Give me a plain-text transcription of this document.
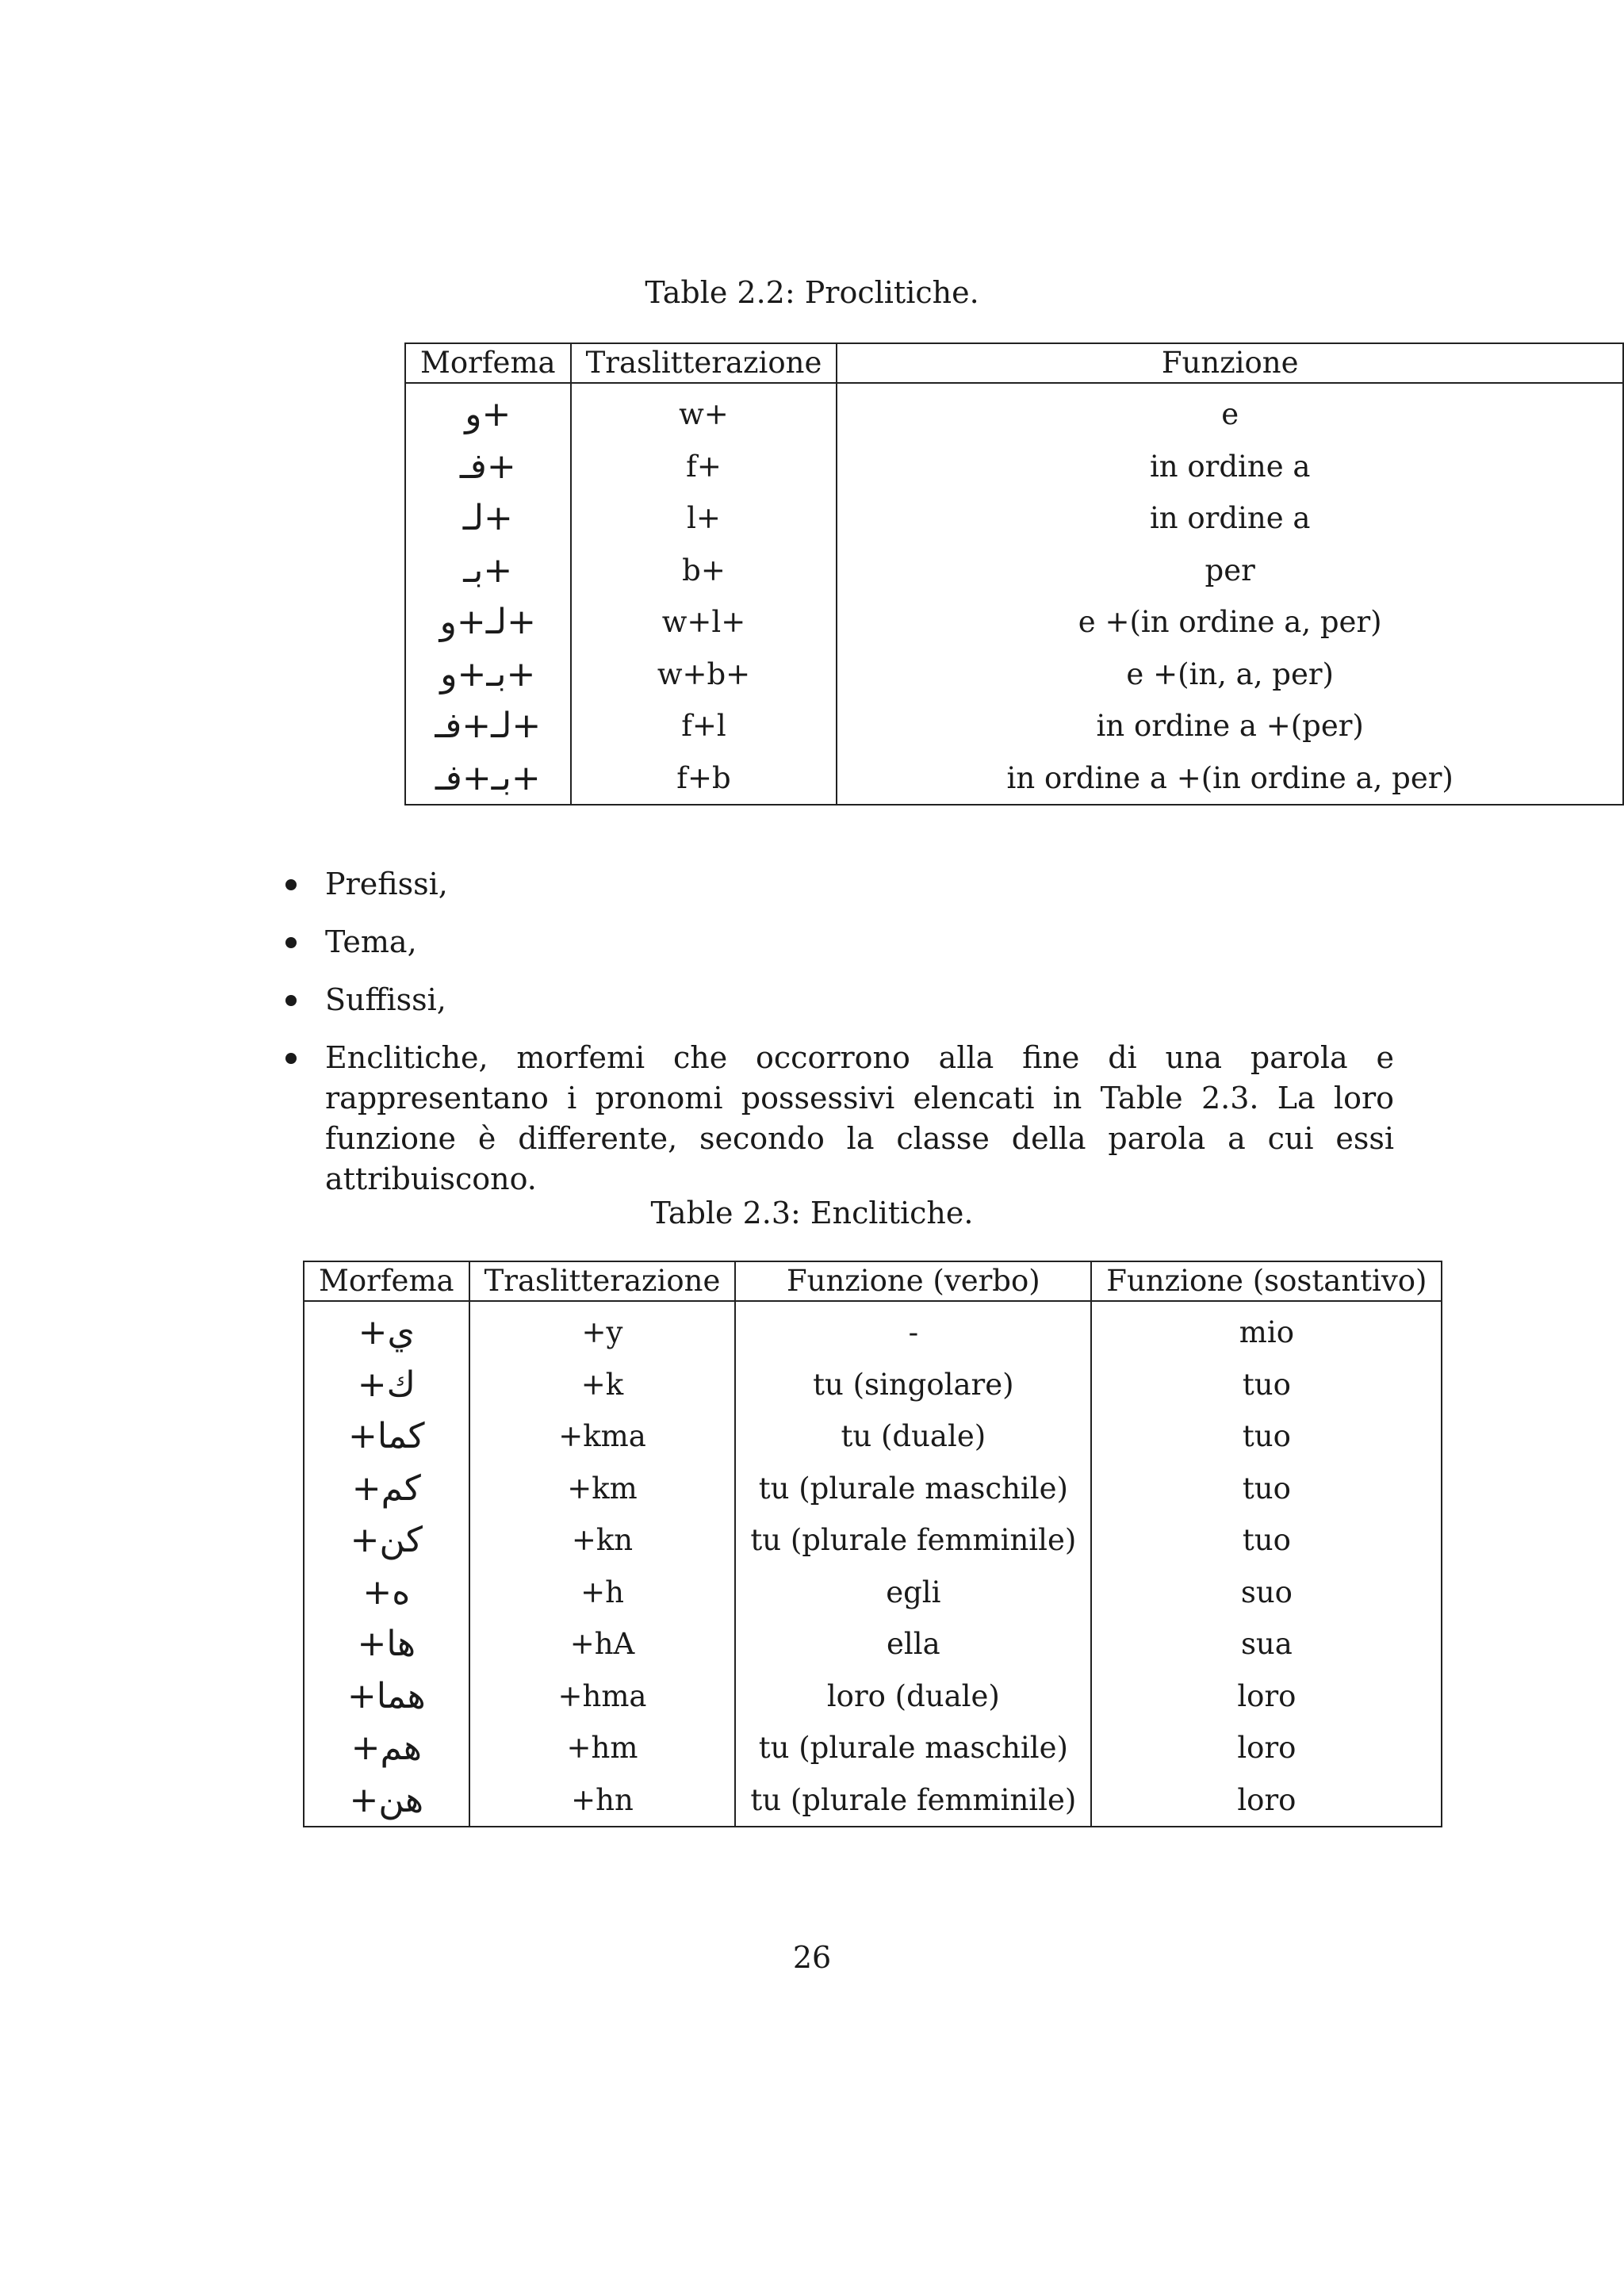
Table 2.2: Proclitiche.
Morfema	Traslitterazione	Funzione

+و	w+	e
+فـ	f+	in ordine a
+لـ	l+	in ordine a
+بـ	b+	per
+لـ+و	w+l+	e +(in ordine a, per)
+بـ+و	w+b+	e +(in, a, per)
+لـ+فـ	f+l	in ordine a +(per)
+بـ+فـ	f+b	in ordine a +(in ordine a, per)
Prefissi,
Tema,
Suffissi,
Enclitiche, morfemi che occorrono alla fine di una parola e rappresentano i pronomi possessivi elencati in Table 2.3. La loro funzione è differente, secondo la classe della parola a cui essi attribuiscono.
Table 2.3: Enclitiche.
Morfema	Traslitterazione	Funzione (verbo)	Funzione (sostantivo)

ي+	+y	-	mio
ك+	+k	tu (singolare)	tuo
كما+	+kma	tu (duale)	tuo
كم+	+km	tu (plurale maschile)	tuo
كن+	+kn	tu (plurale femminile)	tuo
ه+	+h	egli	suo
ها+	+hA	ella	sua
هما+	+hma	loro (duale)	loro
هم+	+hm	tu (plurale maschile)	loro
هن+	+hn	tu (plurale femminile)	loro
26
